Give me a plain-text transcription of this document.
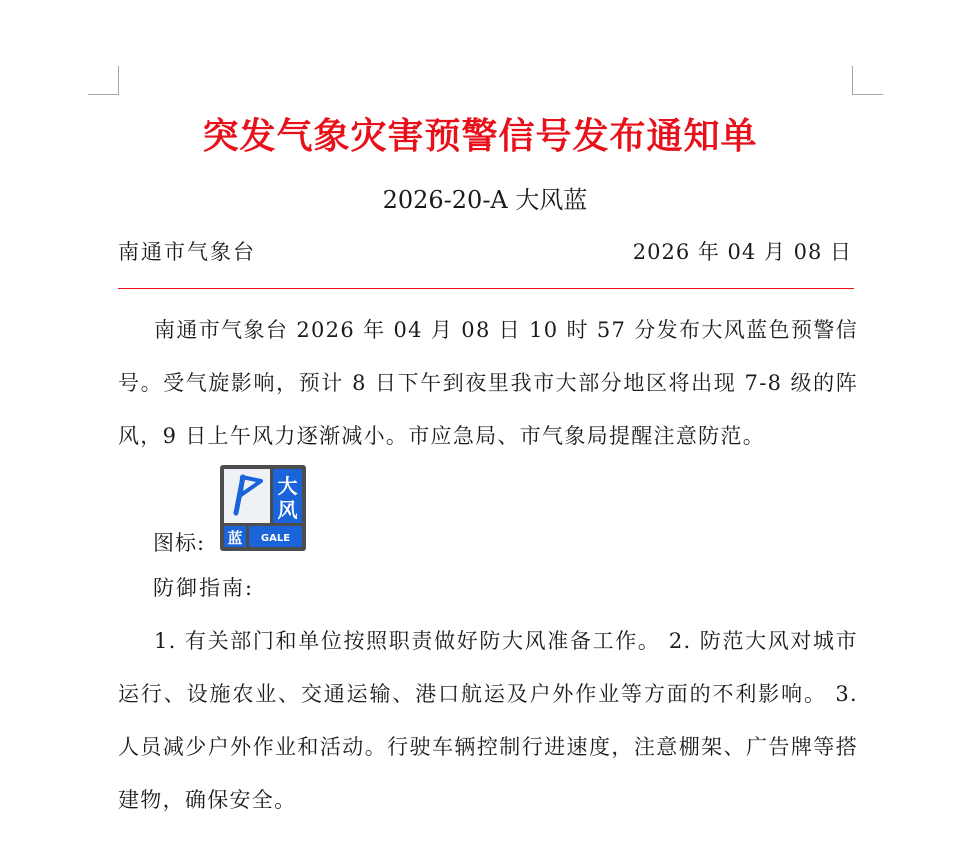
突发气象灾害预警信号发布通知单
2026-20-A 大风蓝
南通市气象台	2026 年 04 月 08 日

南通市气象台 2026 年 04 月 08 日 10 时 57 分发布大风蓝色预警信号。受气旋影响，预计 8 日下午到夜里我市大部分地区将出现 7-8 级的阵风，9 日上午风力逐渐减小。市应急局、市气象局提醒注意防范。

图标:
大
风
蓝 GALE
防御指南:

1. 有关部门和单位按照职责做好防大风准备工作。 2. 防范大风对城市运行、设施农业、交通运输、港口航运及户外作业等方面的不利影响。 3. 人员减少户外作业和活动。行驶车辆控制行进速度，注意棚架、广告牌等搭建物，确保安全。
